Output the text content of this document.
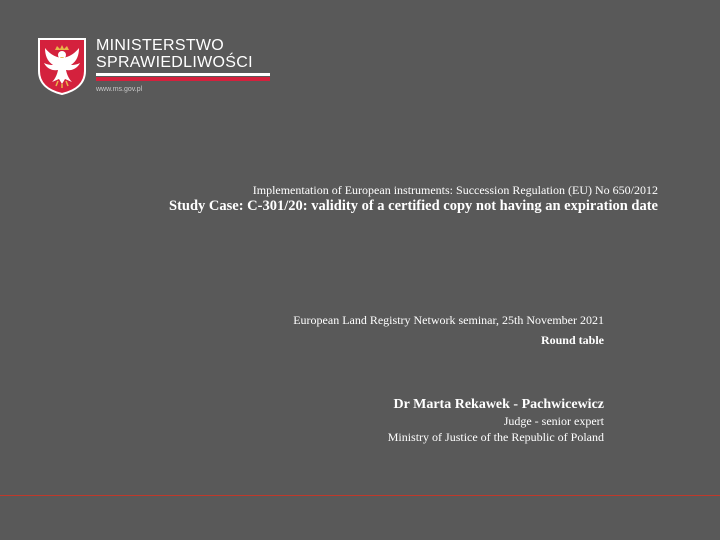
MINISTERSTWO
SPRAWIEDLIWOŚCI
www.ms.gov.pl
Implementation of European instruments: Succession Regulation (EU) No 650/2012
Study Case: C-301/20: validity of a certified copy not having an expiration date
European Land Registry Network seminar, 25th November 2021
Round table
Dr Marta Rekawek - Pachwicewicz
Judge - senior expert
Ministry of Justice of the Republic of Poland
